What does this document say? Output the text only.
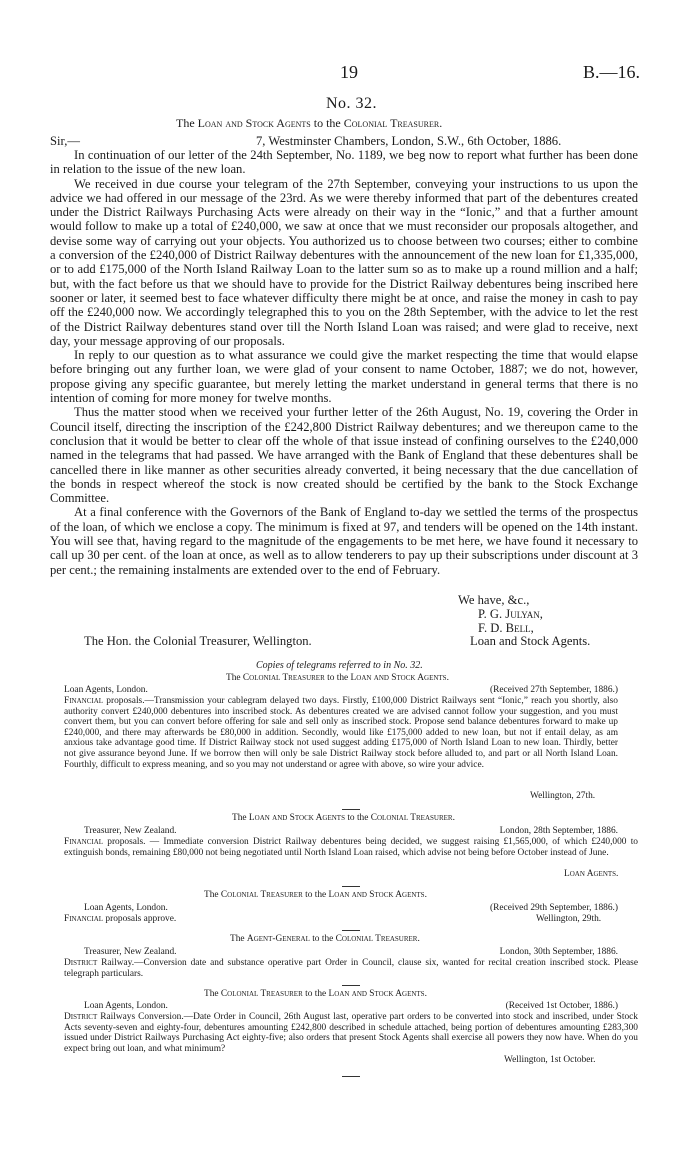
19	B.—16.
No. 32.
The Loan and Stock Agents to the Colonial Treasurer.
Sir,—	7, Westminster Chambers, London, S.W., 6th October, 1886.

In continuation of our letter of the 24th September, No. 1189, we beg now to report what further has been done in relation to the issue of the new loan.

We received in due course your telegram of the 27th September, conveying your instructions to us upon the advice we had offered in our message of the 23rd. As we were thereby informed that part of the debentures created under the District Railways Purchasing Acts were already on their way in the “Ionic,” and that a further amount would follow to make up a total of £240,000, we saw at once that we must reconsider our proposals altogether, and devise some way of carrying out your objects. You authorized us to choose between two courses; either to combine a conversion of the £240,000 of District Railway debentures with the announcement of the new loan for £1,335,000, or to add £175,000 of the North Island Railway Loan to the latter sum so as to make up a round million and a half; but, with the fact before us that we should have to provide for the District Railway debentures being inscribed here sooner or later, it seemed best to face whatever difficulty there might be at once, and raise the money in cash to pay off the £240,000 now. We accordingly telegraphed this to you on the 28th September, with the advice to let the rest of the District Railway debentures stand over till the North Island Loan was raised; and were glad to receive, next day, your message approving of our proposals.

In reply to our question as to what assurance we could give the market respecting the time that would elapse before bringing out any further loan, we were glad of your consent to name October, 1887; we do not, however, propose giving any specific guarantee, but merely letting the market understand in general terms that there is no intention of coming for more money for twelve months.

Thus the matter stood when we received your further letter of the 26th August, No. 19, covering the Order in Council itself, directing the inscription of the £242,800 District Railway debentures; and we thereupon came to the conclusion that it would be better to clear off the whole of that issue instead of confining ourselves to the £240,000 named in the telegrams that had passed. We have arranged with the Bank of England that these debentures shall be cancelled there in like manner as other securities already converted, it being necessary that the due cancellation of the bonds in respect whereof the stock is now created should be certified by the bank to the Stock Exchange Committee.

At a final conference with the Governors of the Bank of England to-day we settled the terms of the prospectus of the loan, of which we enclose a copy. The minimum is fixed at 97, and tenders will be opened on the 14th instant. You will see that, having regard to the magnitude of the engagements to be met here, we have found it necessary to call up 30 per cent. of the loan at once, as well as to allow tenderers to pay up their subscriptions under discount at 3 per cent.; the remaining instalments are extended over to the end of February.

We have, &c.,
P. G. Julyan,
F. D. Bell,
The Hon. the Colonial Treasurer, Wellington.	Loan and Stock Agents.
Copies of telegrams referred to in No. 32.
The Colonial Treasurer to the Loan and Stock Agents.
Loan Agents, London.	(Received 27th September, 1886.)

Financial proposals.—Transmission your cablegram delayed two days. Firstly, £100,000 District Railways sent “Ionic,” reach you shortly, also authority convert £240,000 debentures into inscribed stock. As debentures created we are advised cannot follow your suggestion, and you must convert them, but you can convert before offering for sale and sell only as inscribed stock. Propose send balance debentures forward to make up £240,000, and there may afterwards be £80,000 in addition. Secondly, would like £175,000 added to new loan, but not if entail delay, as am anxious take advantage good time. If District Railway stock not used suggest adding £175,000 of North Island Loan to new loan. Thirdly, better not give assurance beyond June. If we borrow then will only be sale District Railway stock before alluded to, and part or all North Island Loan. Fourthly, difficult to express meaning, and so you may not understand or agree with above, so wire your advice.

Wellington, 27th.
The Loan and Stock Agents to the Colonial Treasurer.
Treasurer, New Zealand.	London, 28th September, 1886.

Financial proposals. — Immediate conversion District Railway debentures being decided, we suggest raising £1,565,000, of which £240,000 to extinguish bonds, remaining £80,000 not being negotiated until North Island Loan raised, which advise not being before October instead of June.

Loan Agents.
The Colonial Treasurer to the Loan and Stock Agents.
Loan Agents, London.	(Received 29th September, 1886.)
Financial proposals approve.	Wellington, 29th.
The Agent-General to the Colonial Treasurer.
Treasurer, New Zealand.	London, 30th September, 1886.

District Railway.—Conversion date and substance operative part Order in Council, clause six, wanted for recital creation inscribed stock. Please telegraph particulars.

The Colonial Treasurer to the Loan and Stock Agents.
Loan Agents, London.	(Received 1st October, 1886.)

District Railways Conversion.—Date Order in Council, 26th August last, operative part orders to be converted into stock and inscribed, under Stock Acts seventy-seven and eighty-four, debentures amounting £242,800 described in schedule attached, being portion of debentures amounting £283,300 issued under District Railways Purchasing Act eighty-five; also orders that present Stock Agents shall exercise all powers they now have. When do you expect bring out loan, and what minimum?

Wellington, 1st October.
